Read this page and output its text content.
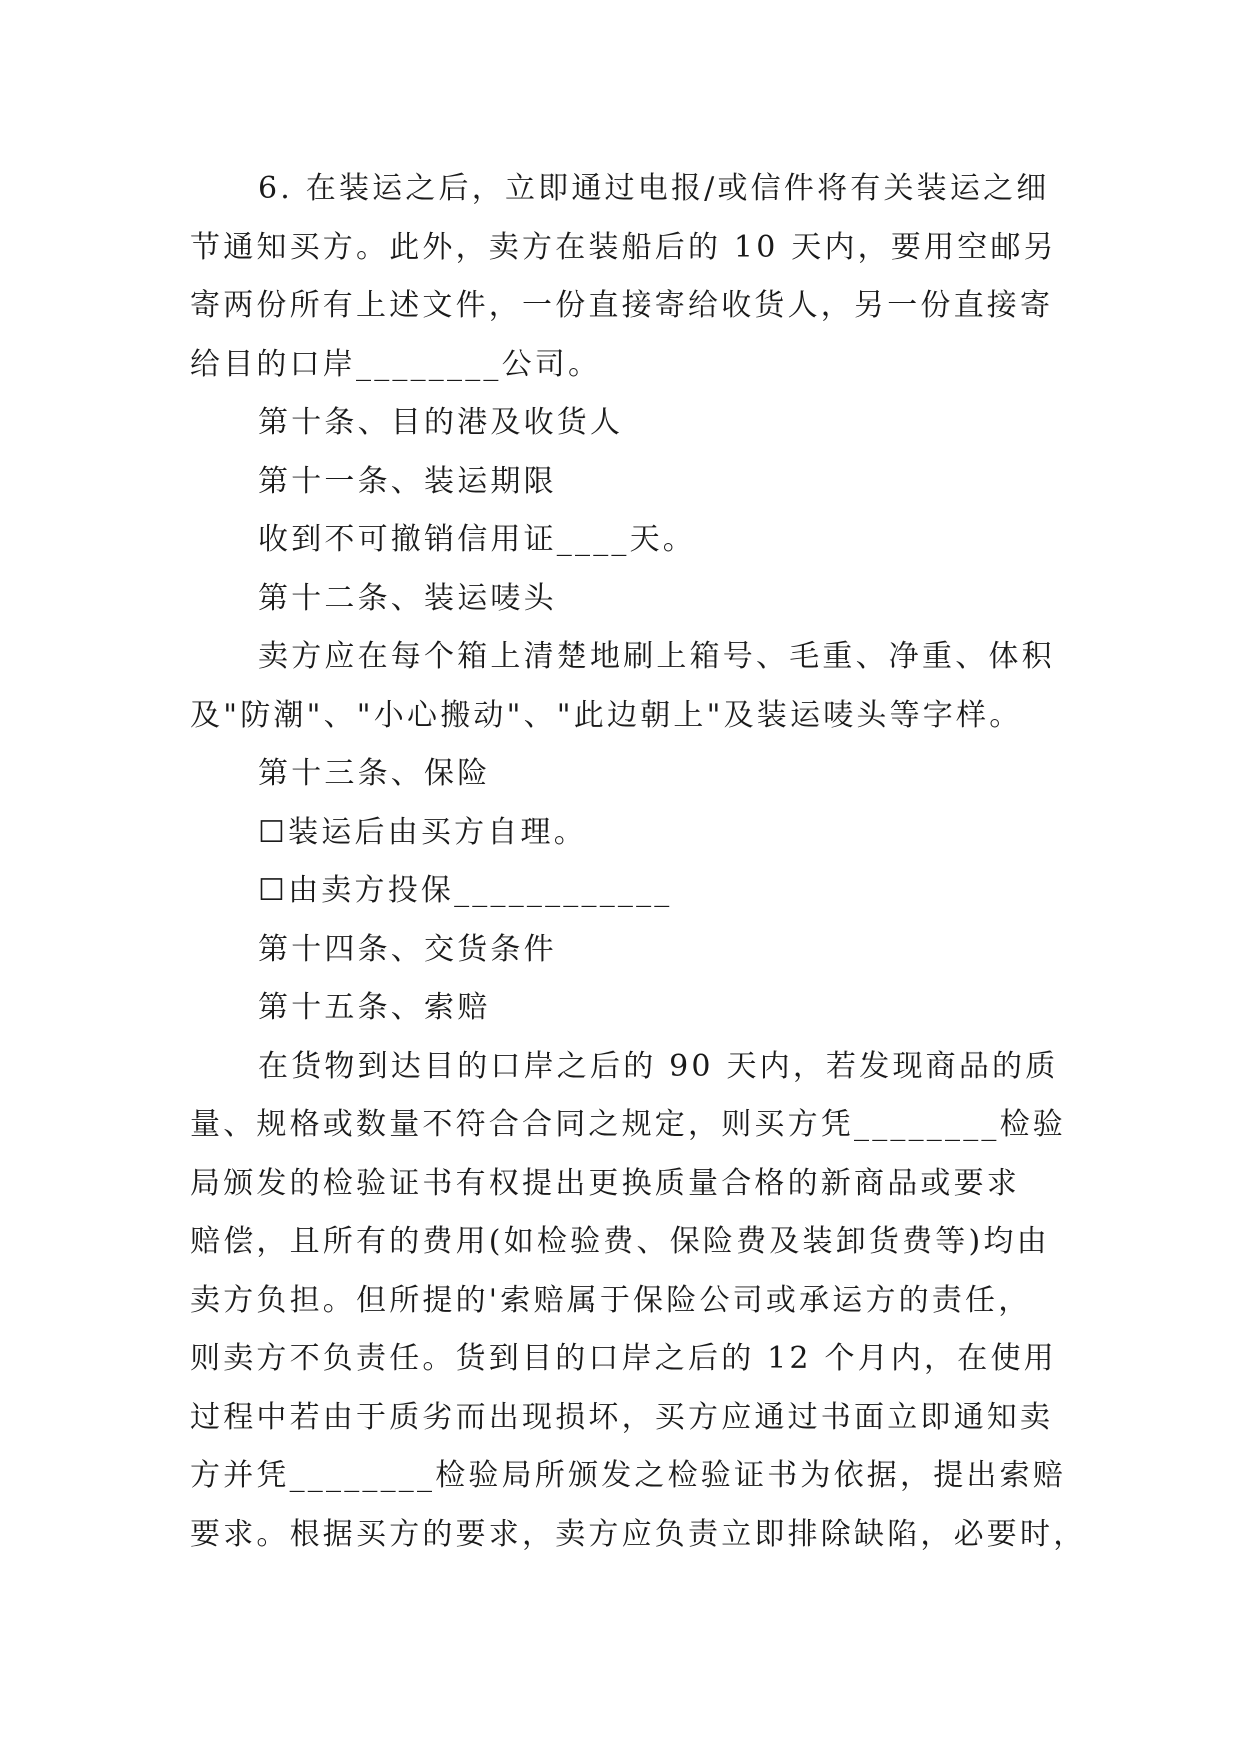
6. 在装运之后，立即通过电报/或信件将有关装运之细
节通知买方。此外，卖方在装船后的 10 天内，要用空邮另
寄两份所有上述文件，一份直接寄给收货人，另一份直接寄
给目的口岸________公司。
第十条、目的港及收货人
第十一条、装运期限
收到不可撤销信用证____天。
第十二条、装运唛头
卖方应在每个箱上清楚地刷上箱号、毛重、净重、体积
及"防潮"、"小心搬动"、"此边朝上"及装运唛头等字样。
第十三条、保险
☐装运后由买方自理。
☐由卖方投保____________
第十四条、交货条件
第十五条、索赔
在货物到达目的口岸之后的 90 天内，若发现商品的质
量、规格或数量不符合合同之规定，则买方凭________检验
局颁发的检验证书有权提出更换质量合格的新商品或要求
赔偿，且所有的费用(如检验费、保险费及装卸货费等)均由
卖方负担。但所提的'索赔属于保险公司或承运方的责任，
则卖方不负责任。货到目的口岸之后的 12 个月内，在使用
过程中若由于质劣而出现损坏，买方应通过书面立即通知卖
方并凭________检验局所颁发之检验证书为依据，提出索赔
要求。根据买方的要求，卖方应负责立即排除缺陷，必要时，
